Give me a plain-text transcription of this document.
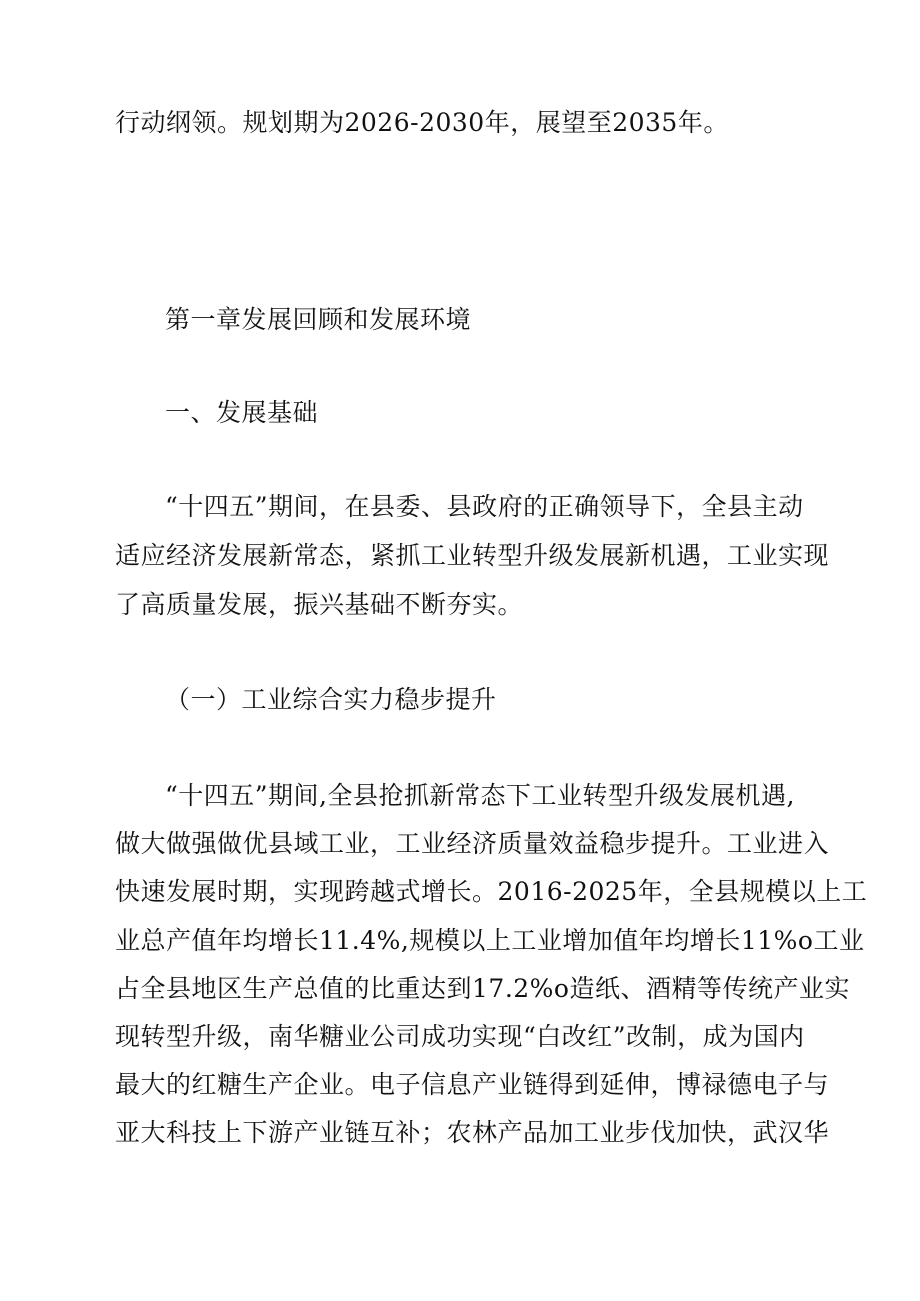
行动纲领。规划期为2026-2030年，展望至2035年。
第一章发展回顾和发展环境
一、发展基础
“十四五”期间，在县委、县政府的正确领导下，全县主动
适应经济发展新常态，紧抓工业转型升级发展新机遇，工业实现
了高质量发展，振兴基础不断夯实。
（一）工业综合实力稳步提升
“十四五”期间,全县抢抓新常态下工业转型升级发展机遇,
做大做强做优县域工业，工业经济质量效益稳步提升。工业进入
快速发展时期，实现跨越式增长。2016-2025年，全县规模以上工
业总产值年均增长11.4%,规模以上工业增加值年均增长11%o工业
占全县地区生产总值的比重达到17.2%o造纸、酒精等传统产业实
现转型升级，南华糖业公司成功实现“白改红”改制，成为国内
最大的红糖生产企业。电子信息产业链得到延伸，博禄德电子与
亚大科技上下游产业链互补；农林产品加工业步伐加快，武汉华
